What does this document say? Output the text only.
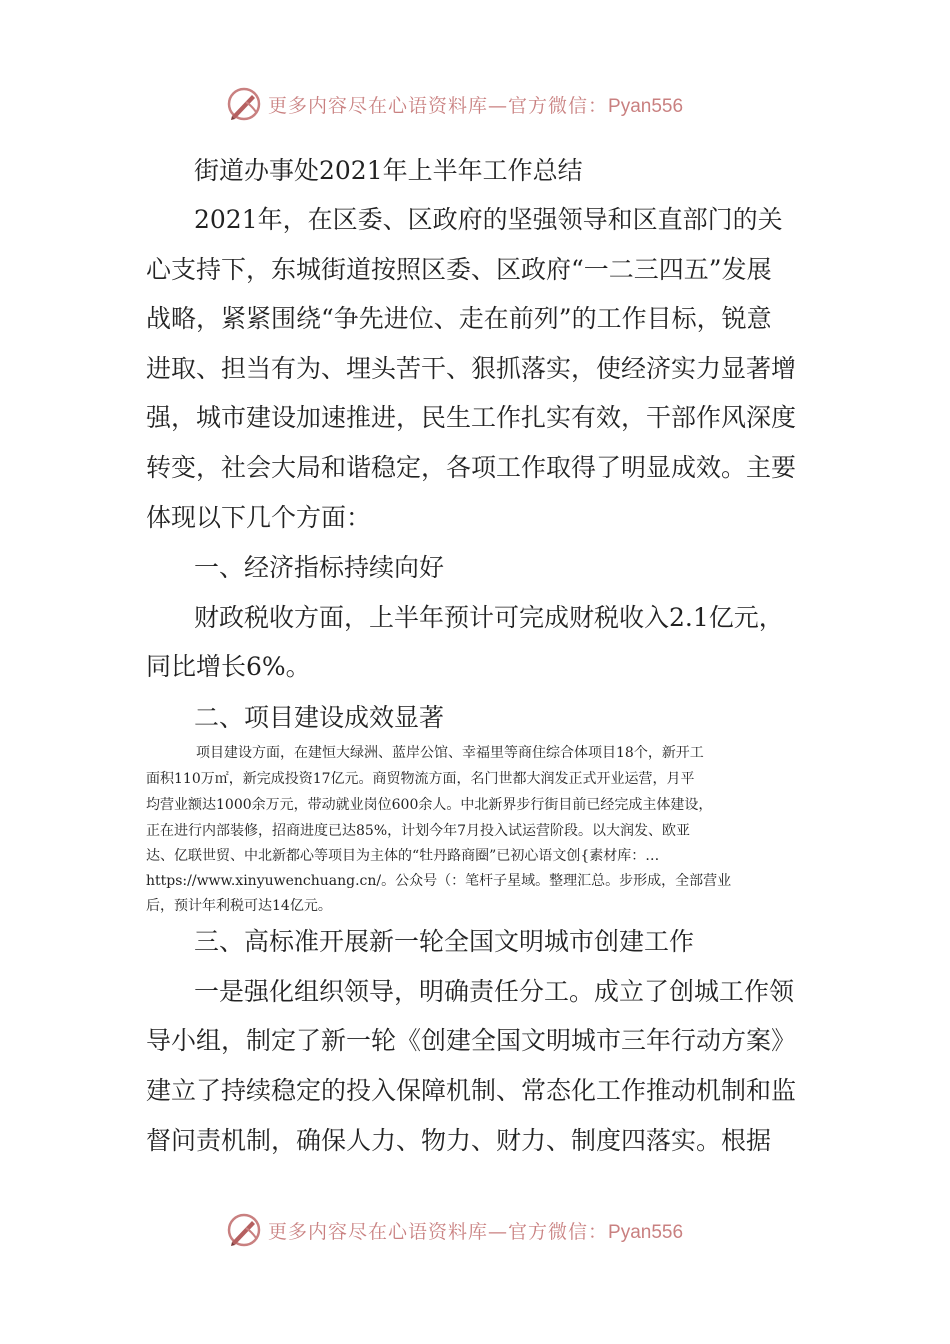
更多内容尽在心语资料库—官方微信：Pyan556
街道办事处2021年上半年工作总结
2021年，在区委、区政府的坚强领导和区直部门的关
心支持下，东城街道按照区委、区政府“一二三四五”发展
战略，紧紧围绕“争先进位、走在前列”的工作目标，锐意
进取、担当有为、埋头苦干、狠抓落实，使经济实力显著增
强，城市建设加速推进，民生工作扎实有效，干部作风深度
转变，社会大局和谐稳定，各项工作取得了明显成效。主要
体现以下几个方面：
一、经济指标持续向好
财政税收方面，上半年预计可完成财税收入2.1亿元，
同比增长6%。
二、项目建设成效显著
项目建设方面，在建恒大绿洲、蓝岸公馆、幸福里等商住综合体项目18个，新开工
面积110万㎡，新完成投资17亿元。商贸物流方面，名门世都大润发正式开业运营，月平
均营业额达1000余万元，带动就业岗位600余人。中北新界步行街目前已经完成主体建设，
正在进行内部装修，招商进度已达85%，计划今年7月投入试运营阶段。以大润发、欧亚
达、亿联世贸、中北新都心等项目为主体的“牡丹路商圈”已初心语文创{素材库：…
https://www.xinyuwenchuang.cn/。公众号（：笔杆子星域。整理汇总。步形成，全部营业
后，预计年利税可达14亿元。
三、高标准开展新一轮全国文明城市创建工作
一是强化组织领导，明确责任分工。成立了创城工作领
导小组，制定了新一轮《创建全国文明城市三年行动方案》
建立了持续稳定的投入保障机制、常态化工作推动机制和监
督问责机制，确保人力、物力、财力、制度四落实。根据
更多内容尽在心语资料库—官方微信：Pyan556
